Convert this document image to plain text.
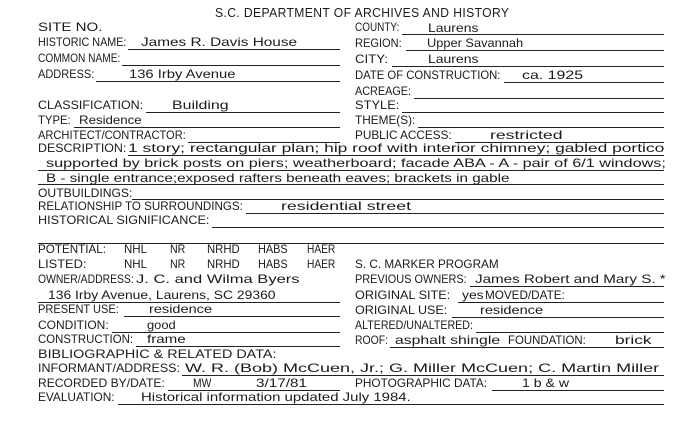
S.C. DEPARTMENT OF ARCHIVES AND HISTORY
SITE NO.
HISTORIC NAME: James R. Davis House
COMMON NAME:
ADDRESS:	136 Irby Avenue
COUNTY: Laurens
REGION: Upper Savannah
CITY:	Laurens
DATE OF CONSTRUCTION: ca. 1925
ACREAGE:
CLASSIFICATION: Building
TYPE: Residence
ARCHITECT/CONTRACTOR:
STYLE:
THEME(S):
PUBLIC ACCESS:	restricted
DESCRIPTION: 1 story; rectangular plan; hip roof with interior chimney; gabled portico
supported by brick posts on piers; weatherboard; facade ABA - A - pair of 6/1 windows;
B - single entrance;exposed rafters beneath eaves; brackets in gable
OUTBUILDINGS:
RELATIONSHIP TO SURROUNDINGS:	residential street
HISTORICAL SIGNIFICANCE:
POTENTIAL: NHL NR NRHD HABS HAER
LISTED:	NHL NR NRHD HABS HAER S. C. MARKER PROGRAM
OWNER/ADDRESS: J. C. and Wilma Byers	PREVIOUS OWNERS: James Robert and Mary S. *
136 Irby Avenue, Laurens, SC 29360	ORIGINAL SITE: yes MOVED/DATE:
PRESENT USE:	residence	ORIGINAL USE:	residence
CONDITION:	good	ALTERED/UNALTERED:
CONSTRUCTION: frame	ROOF: asphalt shingle FOUNDATION: brick
BIBLIOGRAPHIC & RELATED DATA:
INFORMANT/ADDRESS: W. R. (Bob) McCuen, Jr.; G. Miller McCuen; C. Martin Miller
RECORDED BY/DATE: MW	3/17/81	PHOTOGRAPHIC DATA:	1 b & w
EVALUATION: Historical information updated July 1984.
